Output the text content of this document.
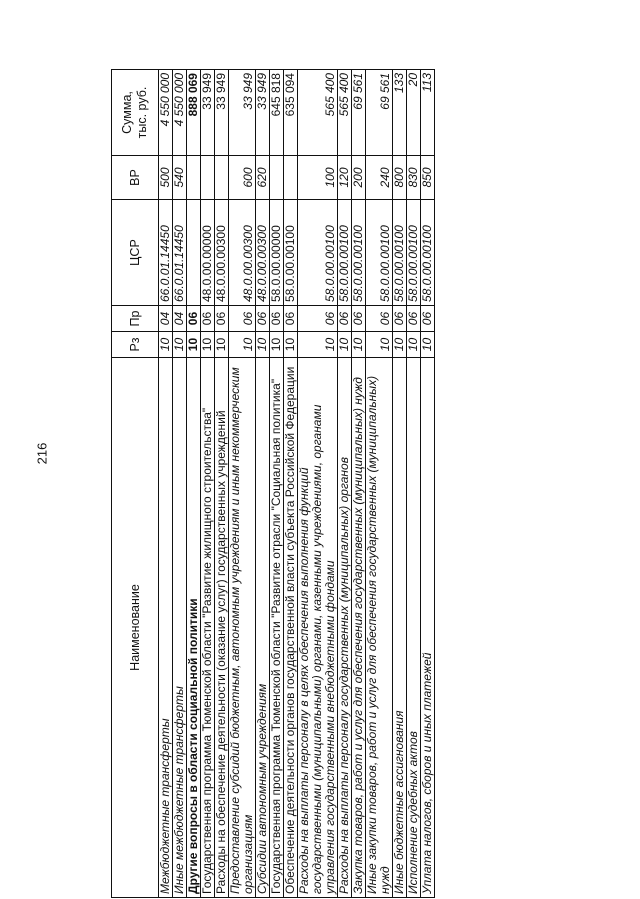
216
Наименование	Рз	Пр	ЦСР	ВР	Сумма,
тыс. руб.
Межбюджетные трансферты	10	04	66.0.01.14450	500	4 550 000
Иные межбюджетные трансферты	10	04	66.0.01.14450	540	4 550 000
Другие вопросы в области социальной политики	10	06			888 069
Государственная программа Тюменской области "Развитие жилищного строительства"	10	06	48.0.00.00000		33 949
Расходы на обеспечение деятельности (оказание услуг) государственных учреждений	10	06	48.0.00.00300		33 949
Предоставление субсидий бюджетным, автономным учреждениям и иным некоммерческим организациям	10	06	48.0.00.00300	600	33 949
Субсидии автономным учреждениям	10	06	48.0.00.00300	620	33 949
Государственная программа Тюменской области "Развитие отрасли "Социальная политика"	10	06	58.0.00.00000		645 818
Обеспечение деятельности органов государственной власти субъекта Российской Федерации	10	06	58.0.00.00100		635 094
Расходы на выплаты персоналу в целях обеспечения выполнения функций государственными (муниципальными) органами, казенными учреждениями, органами управления государственными внебюджетными фондами	10	06	58.0.00.00100	100	565 400
Расходы на выплаты персоналу государственных (муниципальных) органов	10	06	58.0.00.00100	120	565 400
Закупка товаров, работ и услуг для обеспечения государственных (муниципальных) нужд	10	06	58.0.00.00100	200	69 561
Иные закупки товаров, работ и услуг для обеспечения государственных (муниципальных) нужд	10	06	58.0.00.00100	240	69 561
Иные бюджетные ассигнования	10	06	58.0.00.00100	800	133
Исполнение судебных актов	10	06	58.0.00.00100	830	20
Уплата налогов, сборов и иных платежей	10	06	58.0.00.00100	850	113
